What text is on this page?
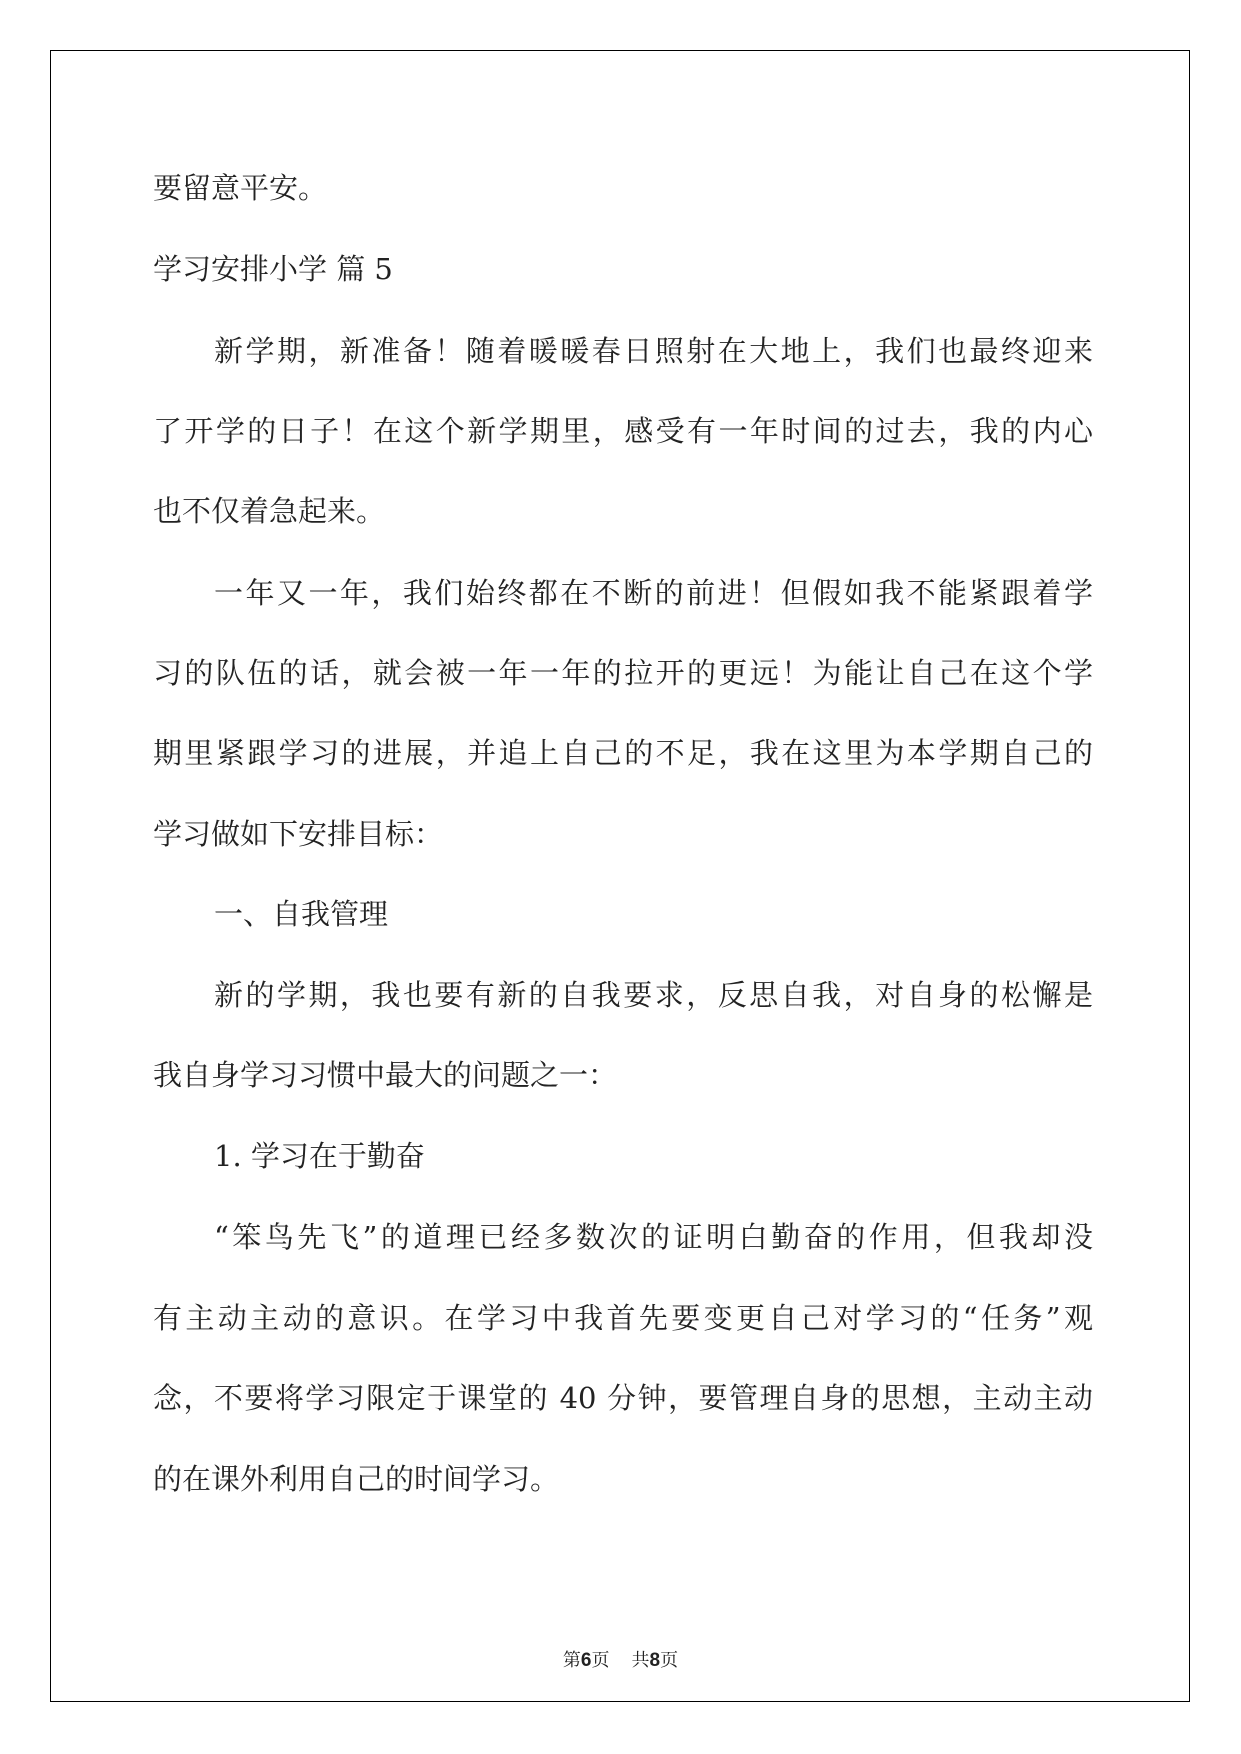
要留意平安。
学习安排小学 篇 5
新学期，新准备！随着暖暖春日照射在大地上，我们也最终迎来
了开学的日子！在这个新学期里，感受有一年时间的过去，我的内心
也不仅着急起来。
一年又一年，我们始终都在不断的前进！但假如我不能紧跟着学
习的队伍的话，就会被一年一年的拉开的更远！为能让自己在这个学
期里紧跟学习的进展，并追上自己的不足，我在这里为本学期自己的
学习做如下安排目标：
一、自我管理
新的学期，我也要有新的自我要求，反思自我，对自身的松懈是
我自身学习习惯中最大的问题之一：
1. 学习在于勤奋
“笨鸟先飞”的道理已经多数次的证明白勤奋的作用，但我却没
有主动主动的意识。在学习中我首先要变更自己对学习的“任务”观
念，不要将学习限定于课堂的 40 分钟，要管理自身的思想，主动主动
的在课外利用自己的时间学习。
第6页 共8页
